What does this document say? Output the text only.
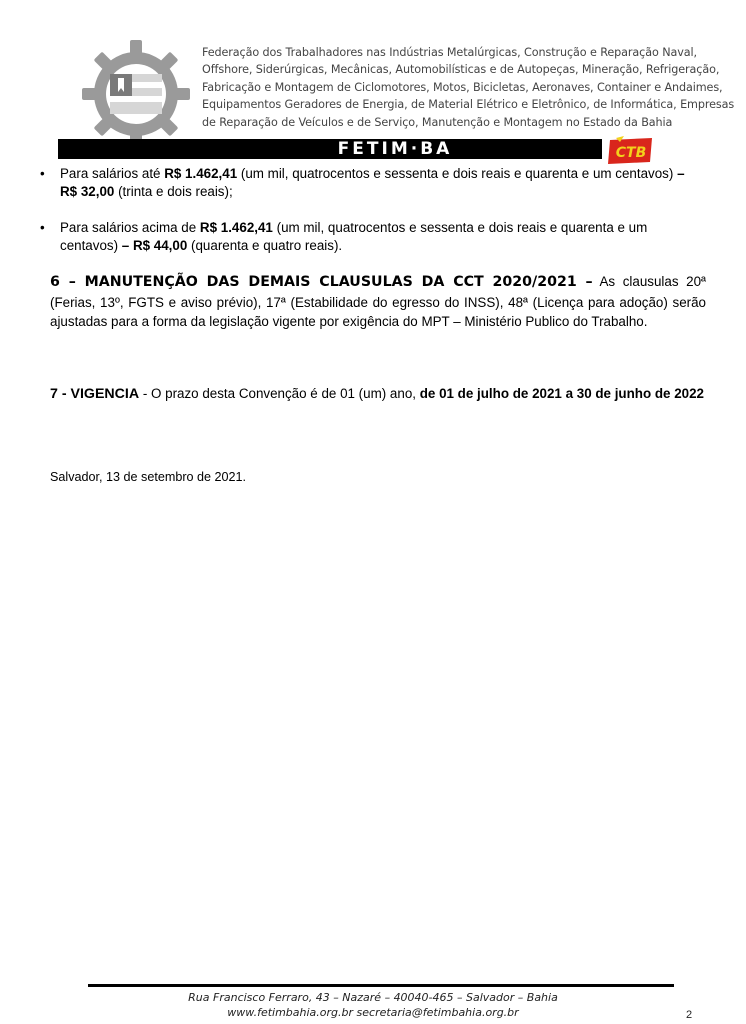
Federação dos Trabalhadores nas Indústrias Metalúrgicas, Construção e Reparação Naval,
Offshore, Siderúrgicas, Mecânicas, Automobilísticas e de Autopeças, Mineração, Refrigeração,
Fabricação e Montagem de Ciclomotores, Motos, Bicicletas, Aeronaves, Container e Andaimes,
Equipamentos Geradores de Energia, de Material Elétrico e Eletrônico, de Informática, Empresas
de Reparação de Veículos e de Serviço, Manutenção e Montagem no Estado da Bahia
FETIM·BA	CTB
• Para salários até R$ 1.462,41 (um mil, quatrocentos e sessenta e dois reais e quarenta e um centavos) – R$ 32,00 (trinta e dois reais);
• Para salários acima de R$ 1.462,41 (um mil, quatrocentos e sessenta e dois reais e quarenta e um centavos) – R$ 44,00 (quarenta e quatro reais).
6 – MANUTENÇÃO DAS DEMAIS CLAUSULAS DA CCT 2020/2021 – As clausulas 20ª (Ferias, 13º, FGTS e aviso prévio), 17ª (Estabilidade do egresso do INSS), 48ª (Licença para adoção) serão ajustadas para a forma da legislação vigente por exigência do MPT – Ministério Publico do Trabalho.
7 - VIGENCIA - O prazo desta Convenção é de 01 (um) ano, de 01 de julho de 2021 a 30 de junho de 2022
Salvador, 13 de setembro de 2021.
Rua Francisco Ferraro, 43 – Nazaré – 40040-465 – Salvador – Bahia
www.fetimbahia.org.br secretaria@fetimbahia.org.br	2
